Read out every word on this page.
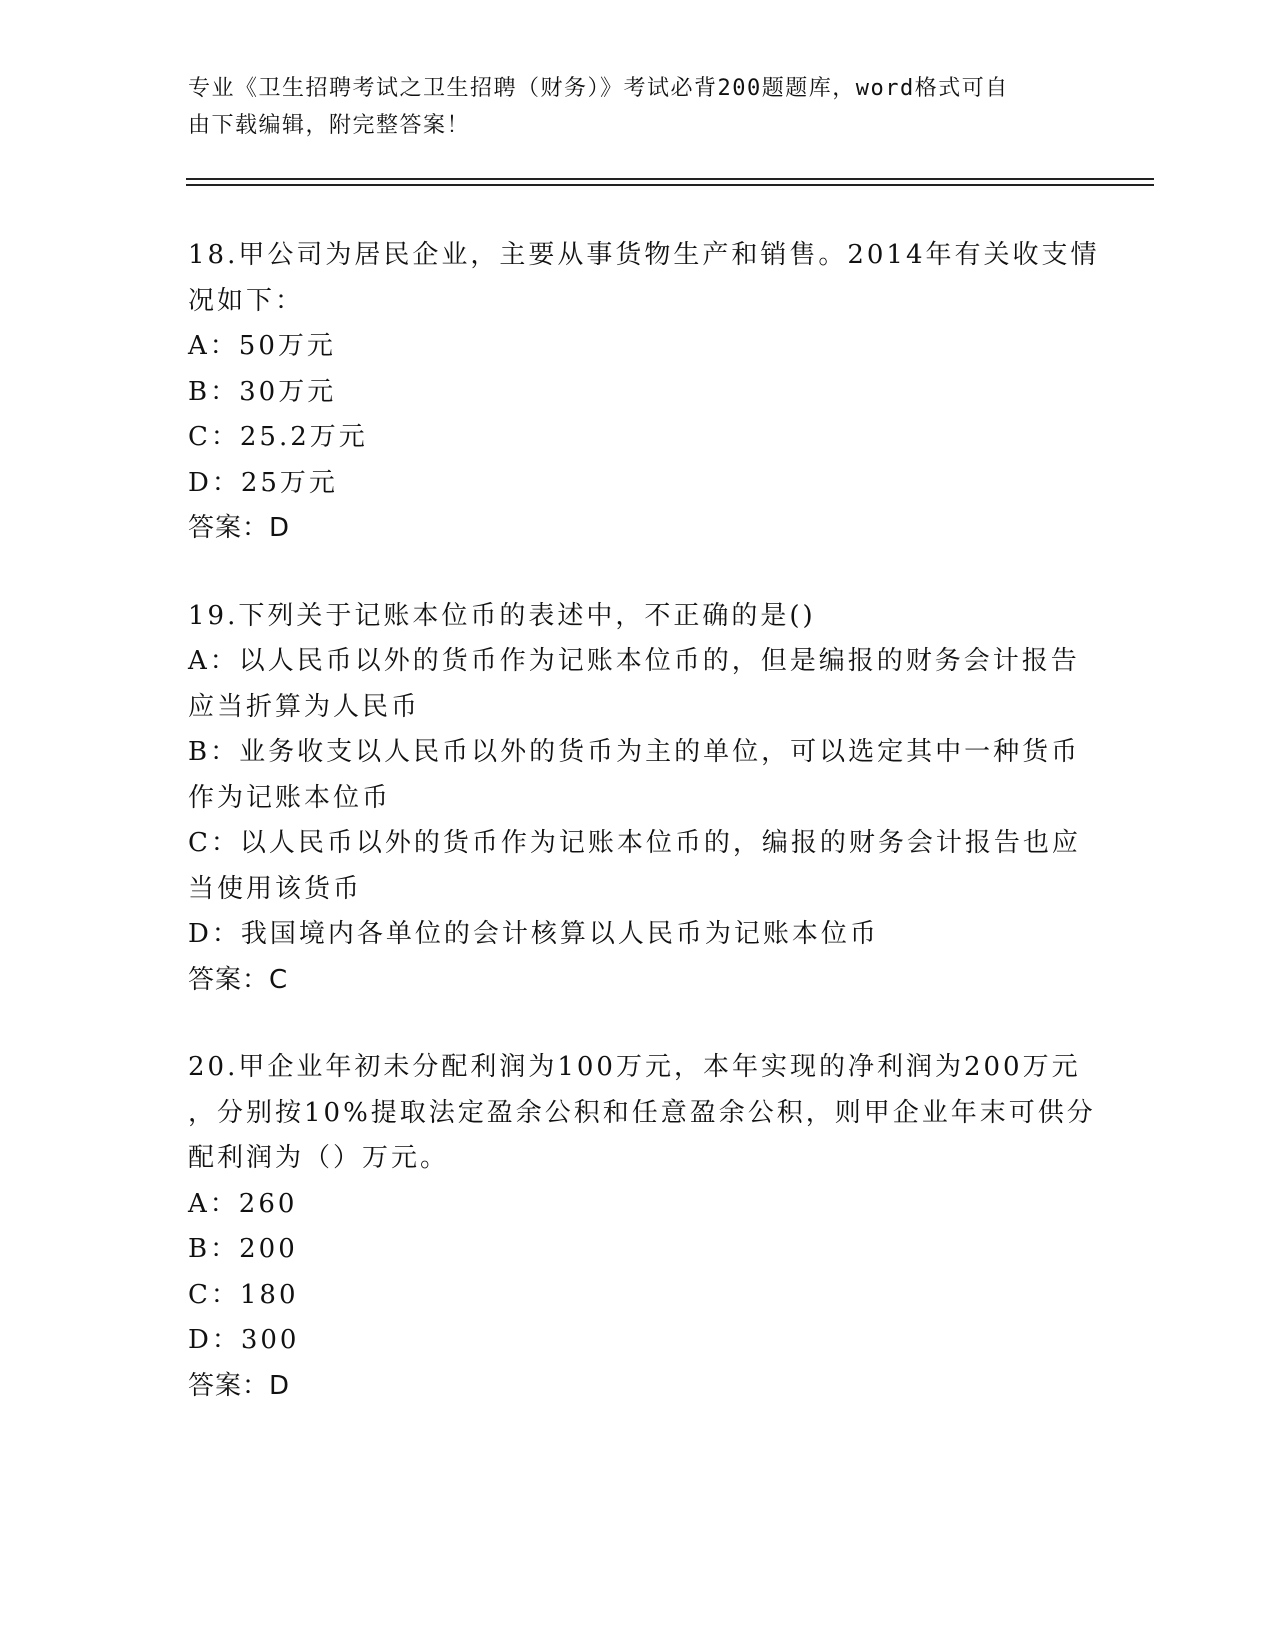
专业《卫生招聘考试之卫生招聘（财务）》考试必背200题题库，word格式可自
由下载编辑，附完整答案！
18.甲公司为居民企业，主要从事货物生产和销售。2014年有关收支情
况如下：
A：50万元
B：30万元
C：25.2万元
D：25万元
答案：D
19.下列关于记账本位币的表述中，不正确的是()
A：以人民币以外的货币作为记账本位币的，但是编报的财务会计报告
应当折算为人民币
B：业务收支以人民币以外的货币为主的单位，可以选定其中一种货币
作为记账本位币
C：以人民币以外的货币作为记账本位币的，编报的财务会计报告也应
当使用该货币
D：我国境内各单位的会计核算以人民币为记账本位币
答案：C
20.甲企业年初未分配利润为100万元，本年实现的净利润为200万元
，分别按10%提取法定盈余公积和任意盈余公积，则甲企业年末可供分
配利润为（）万元。
A：260
B：200
C：180
D：300
答案：D
